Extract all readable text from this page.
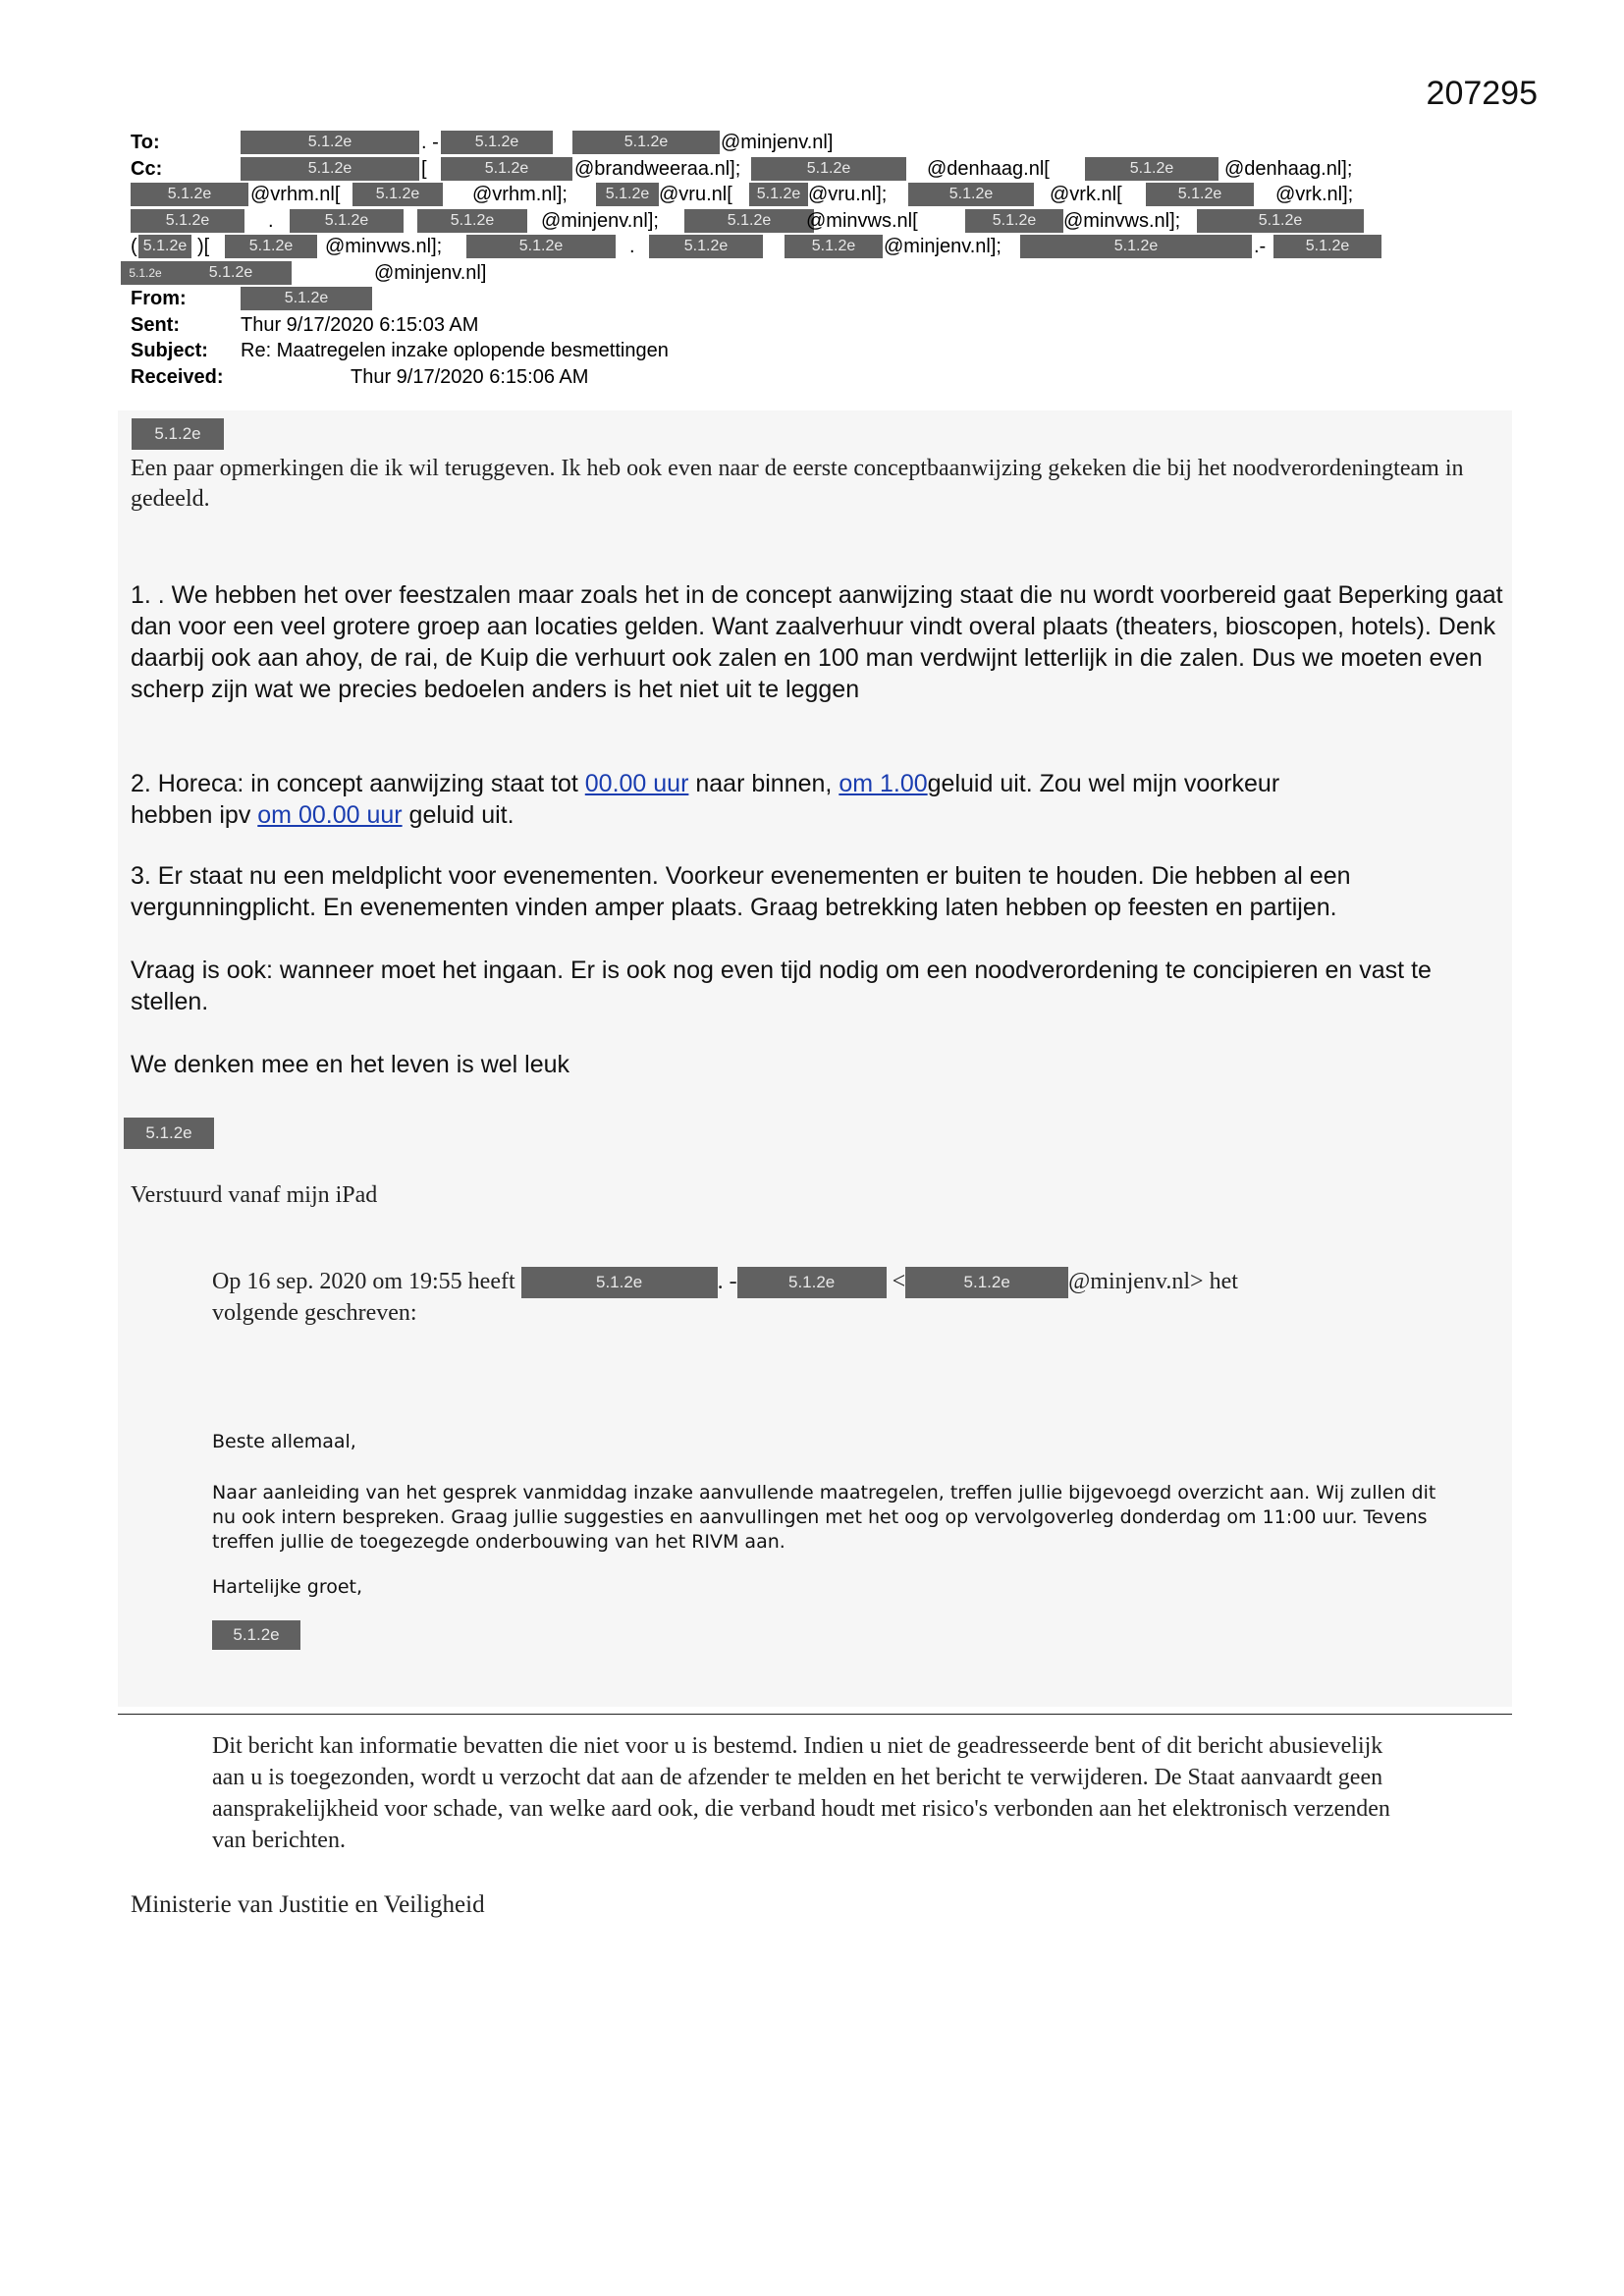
207295
To:	5.1.2e	. -	5.1.2e	5.1.2e	@minjenv.nl]
Cc:	5.1.2e	[	5.1.2e	@brandweeraa.nl];	5.1.2e	@denhaag.nl[	5.1.2e	@denhaag.nl];
5.1.2e	@vrhm.nl[	5.1.2e	@vrhm.nl];	5.1.2e @vru.nl[	5.1.2e @vru.nl];	5.1.2e	@vrk.nl[	5.1.2e	@vrk.nl];
5.1.2e	.	5.1.2e	5.1.2e	@minjenv.nl];	5.1.2e	@minvws.nl[	5.1.2e	@minvws.nl];	5.1.2e
( 5.1.2e )[	5.1.2e	@minvws.nl];	5.1.2e	.	5.1.2e	5.1.2e	@minjenv.nl];	5.1.2e	.-	5.1.2e
5.1.2e	5.1.2e	@minjenv.nl]
From:	5.1.2e
Sent:	Thur 9/17/2020 6:15:03 AM
Subject: Re: Maatregelen inzake oplopende besmettingen
Received:	Thur 9/17/2020 6:15:06 AM
5.1.2e
Een paar opmerkingen die ik wil teruggeven. Ik heb ook even naar de eerste conceptbaanwijzing gekeken die bij het noodverordeningteam in gedeeld.
1. . We hebben het over feestzalen maar zoals het in de concept aanwijzing staat die nu wordt voorbereid gaat Beperking gaat dan voor een veel grotere groep aan locaties gelden. Want zaalverhuur vindt overal plaats (theaters, bioscopen, hotels). Denk daarbij ook aan ahoy, de rai, de Kuip die verhuurt ook zalen en 100 man verdwijnt letterlijk in die zalen. Dus we moeten even scherp zijn wat we precies bedoelen anders is het niet uit te leggen
2. Horeca: in concept aanwijzing staat tot 00.00 uur naar binnen, om 1.00geluid uit. Zou wel mijn voorkeur
hebben ipv om 00.00 uur geluid uit.
3. Er staat nu een meldplicht voor evenementen. Voorkeur evenementen er buiten te houden. Die hebben al een vergunningplicht. En evenementen vinden amper plaats. Graag betrekking laten hebben op feesten en partijen.
Vraag is ook: wanneer moet het ingaan. Er is ook nog even tijd nodig om een noodverordening te concipieren en vast te stellen.
We denken mee en het leven is wel leuk
5.1.2e
Verstuurd vanaf mijn iPad
Op 16 sep. 2020 om 19:55 heeft	5.1.2e	. -	5.1.2e <	5.1.2e @minjenv.nl> het
volgende geschreven:
Beste allemaal,
Naar aanleiding van het gesprek vanmiddag inzake aanvullende maatregelen, treffen jullie bijgevoegd overzicht aan. Wij zullen dit nu ook intern bespreken. Graag jullie suggesties en aanvullingen met het oog op vervolgoverleg donderdag om 11:00 uur. Tevens treffen jullie de toegezegde onderbouwing van het RIVM aan.
Hartelijke groet,
5.1.2e
Dit bericht kan informatie bevatten die niet voor u is bestemd. Indien u niet de geadresseerde bent of dit bericht abusievelijk aan u is toegezonden, wordt u verzocht dat aan de afzender te melden en het bericht te verwijderen. De Staat aanvaardt geen aansprakelijkheid voor schade, van welke aard ook, die verband houdt met risico's verbonden aan het elektronisch verzenden van berichten.
Ministerie van Justitie en Veiligheid
